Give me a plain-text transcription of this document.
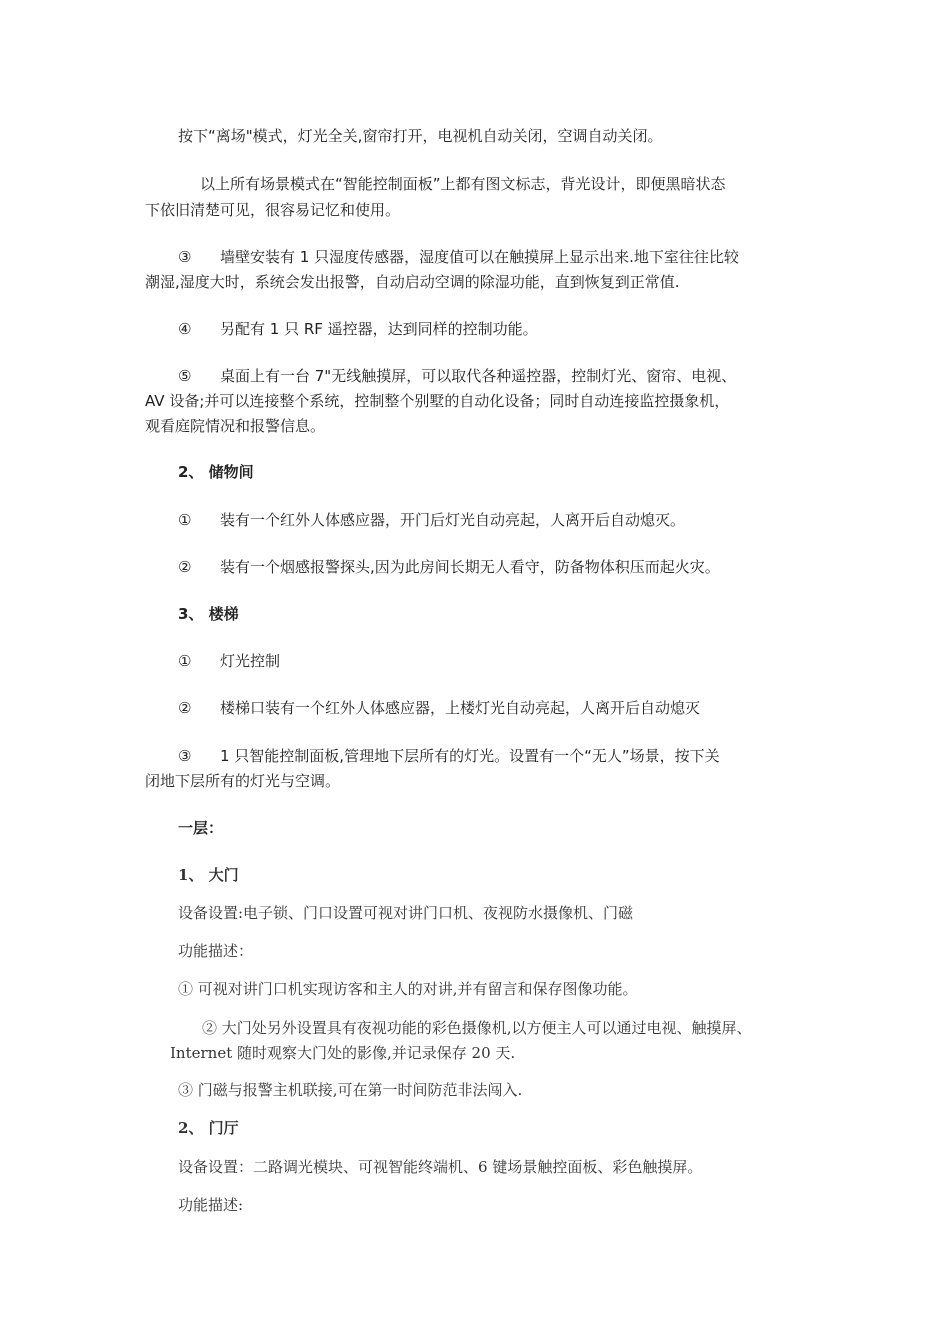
按下“离场"模式，灯光全关,窗帘打开，电视机自动关闭，空调自动关闭。
以上所有场景模式在“智能控制面板”上都有图文标志，背光设计，即便黑暗状态
下依旧清楚可见，很容易记忆和使用。
③ 墙壁安装有 1 只湿度传感器，湿度值可以在触摸屏上显示出来.地下室往往比较
潮湿,湿度大时，系统会发出报警，自动启动空调的除湿功能，直到恢复到正常值.
④ 另配有 1 只 RF 遥控器，达到同样的控制功能。
⑤ 桌面上有一台 7"无线触摸屏，可以取代各种遥控器，控制灯光、窗帘、电视、
AV 设备;并可以连接整个系统，控制整个别墅的自动化设备；同时自动连接监控摄象机，
观看庭院情况和报警信息。
2、 储物间
① 装有一个红外人体感应器，开门后灯光自动亮起，人离开后自动熄灭。
② 装有一个烟感报警探头,因为此房间长期无人看守，防备物体积压而起火灾。
3、 楼梯
① 灯光控制
② 楼梯口装有一个红外人体感应器，上楼灯光自动亮起，人离开后自动熄灭
③ 1 只智能控制面板,管理地下层所有的灯光。设置有一个“无人”场景，按下关
闭地下层所有的灯光与空调。
一层：
1、 大门
设备设置:电子锁、门口设置可视对讲门口机、夜视防水摄像机、门磁
功能描述：
① 可视对讲门口机实现访客和主人的对讲,并有留言和保存图像功能。
② 大门处另外设置具有夜视功能的彩色摄像机,以方便主人可以通过电视、触摸屏、
Internet 随时观察大门处的影像,并记录保存 20 天.
③ 门磁与报警主机联接,可在第一时间防范非法闯入.
2、 门厅
设备设置：二路调光模块、可视智能终端机、6 键场景触控面板、彩色触摸屏。
功能描述:
